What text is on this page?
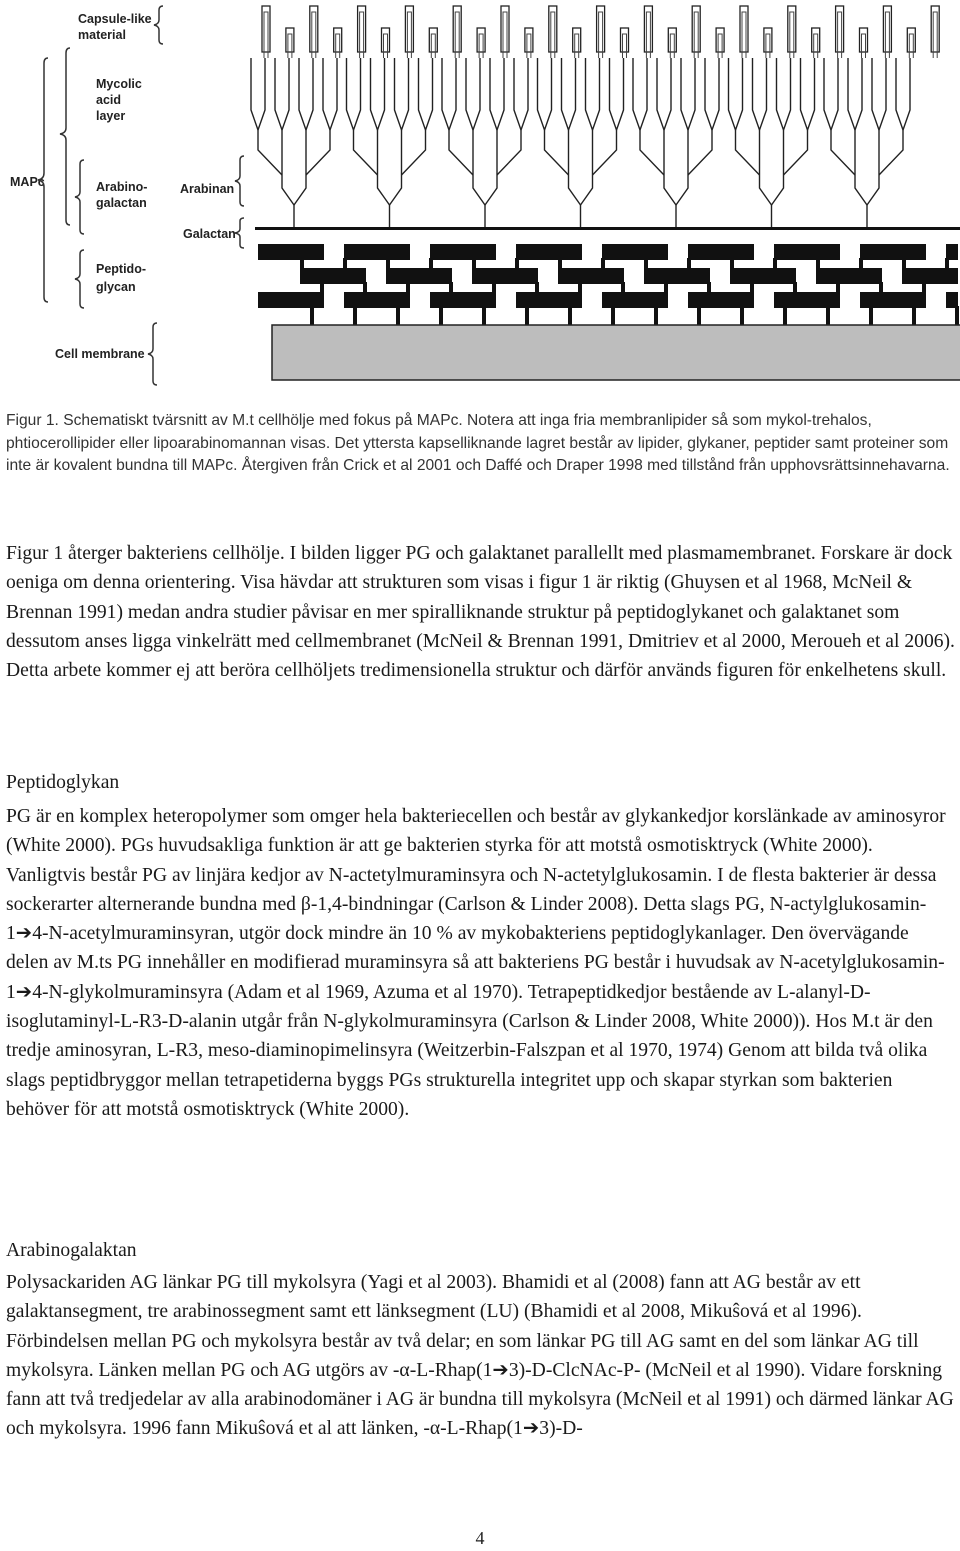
Capsule-like material
Mycolic acid layer
MAPc	Arabino- galactan
Arabinan
Galactan
Peptido- glycan
Cell membrane

Figur 1. Schematiskt tvärsnitt av M.t cellhölje med fokus på MAPc. Notera att inga fria membranlipider så som mykol-trehalos, phtiocerollipider eller lipoarabinomannan visas. Det yttersta kapselliknande lagret består av lipider, glykaner, peptider samt proteiner som inte är kovalent bundna till MAPc. Återgiven från Crick et al 2001 och Daffé och Draper 1998 med tillstånd från upphovsrättsinnehavarna.

Figur 1 återger bakteriens cellhölje. I bilden ligger PG och galaktanet parallellt med plasmamembranet. Forskare är dock oeniga om denna orientering. Visa hävdar att strukturen som visas i figur 1 är riktig (Ghuysen et al 1968, McNeil & Brennan 1991) medan andra studier påvisar en mer spiralliknande struktur på peptidoglykanet och galaktanet som dessutom anses ligga vinkelrätt med cellmembranet (McNeil & Brennan 1991, Dmitriev et al 2000, Meroueh et al 2006). Detta arbete kommer ej att beröra cellhöljets tredimensionella struktur och därför används figuren för enkelhetens skull.

Peptidoglykan

PG är en komplex heteropolymer som omger hela bakteriecellen och består av glykankedjor korslänkade av aminosyror (White 2000). PGs huvudsakliga funktion är att ge bakterien styrka för att motstå osmotisktryck (White 2000). Vanligtvis består PG av linjära kedjor av N-actetylmuraminsyra och N-actetylglukosamin. I de flesta bakterier är dessa sockerarter alternerande bundna med β-1,4-bindningar (Carlson & Linder 2008). Detta slags PG, N-actylglukosamin-1➔4-N-acetylmuraminsyran, utgör dock mindre än 10 % av mykobakteriens peptidoglykanlager. Den övervägande delen av M.ts PG innehåller en modifierad muraminsyra så att bakteriens PG består i huvudsak av N-acetylglukosamin-1➔4-N-glykolmuraminsyra (Adam et al 1969, Azuma et al 1970). Tetrapeptidkedjor bestående av L-alanyl-D-isoglutaminyl-L-R3-D-alanin utgår från N-glykolmuraminsyra (Carlson & Linder 2008, White 2000)). Hos M.t är den tredje aminosyran, L-R3, meso-diaminopimelinsyra (Weitzerbin-Falszpan et al 1970, 1974) Genom att bilda två olika slags peptidbryggor mellan tetrapetiderna byggs PGs strukturella integritet upp och skapar styrkan som bakterien behöver för att motstå osmotisktryck (White 2000).

Arabinogalaktan

Polysackariden AG länkar PG till mykolsyra (Yagi et al 2003). Bhamidi et al (2008) fann att AG består av ett galaktansegment, tre arabinossegment samt ett länksegment (LU) (Bhamidi et al 2008, Mikuŝová et al 1996). Förbindelsen mellan PG och mykolsyra består av två delar; en som länkar PG till AG samt en del som länkar AG till mykolsyra. Länken mellan PG och AG utgörs av -α-L-Rhap(1➔3)-D-ClcNAc-P- (McNeil et al 1990). Vidare forskning fann att två tredjedelar av alla arabinodomäner i AG är bundna till mykolsyra (McNeil et al 1991) och därmed länkar AG och mykolsyra. 1996 fann Mikuŝová et al att länken, -α-L-Rhap(1➔3)-D-

4
